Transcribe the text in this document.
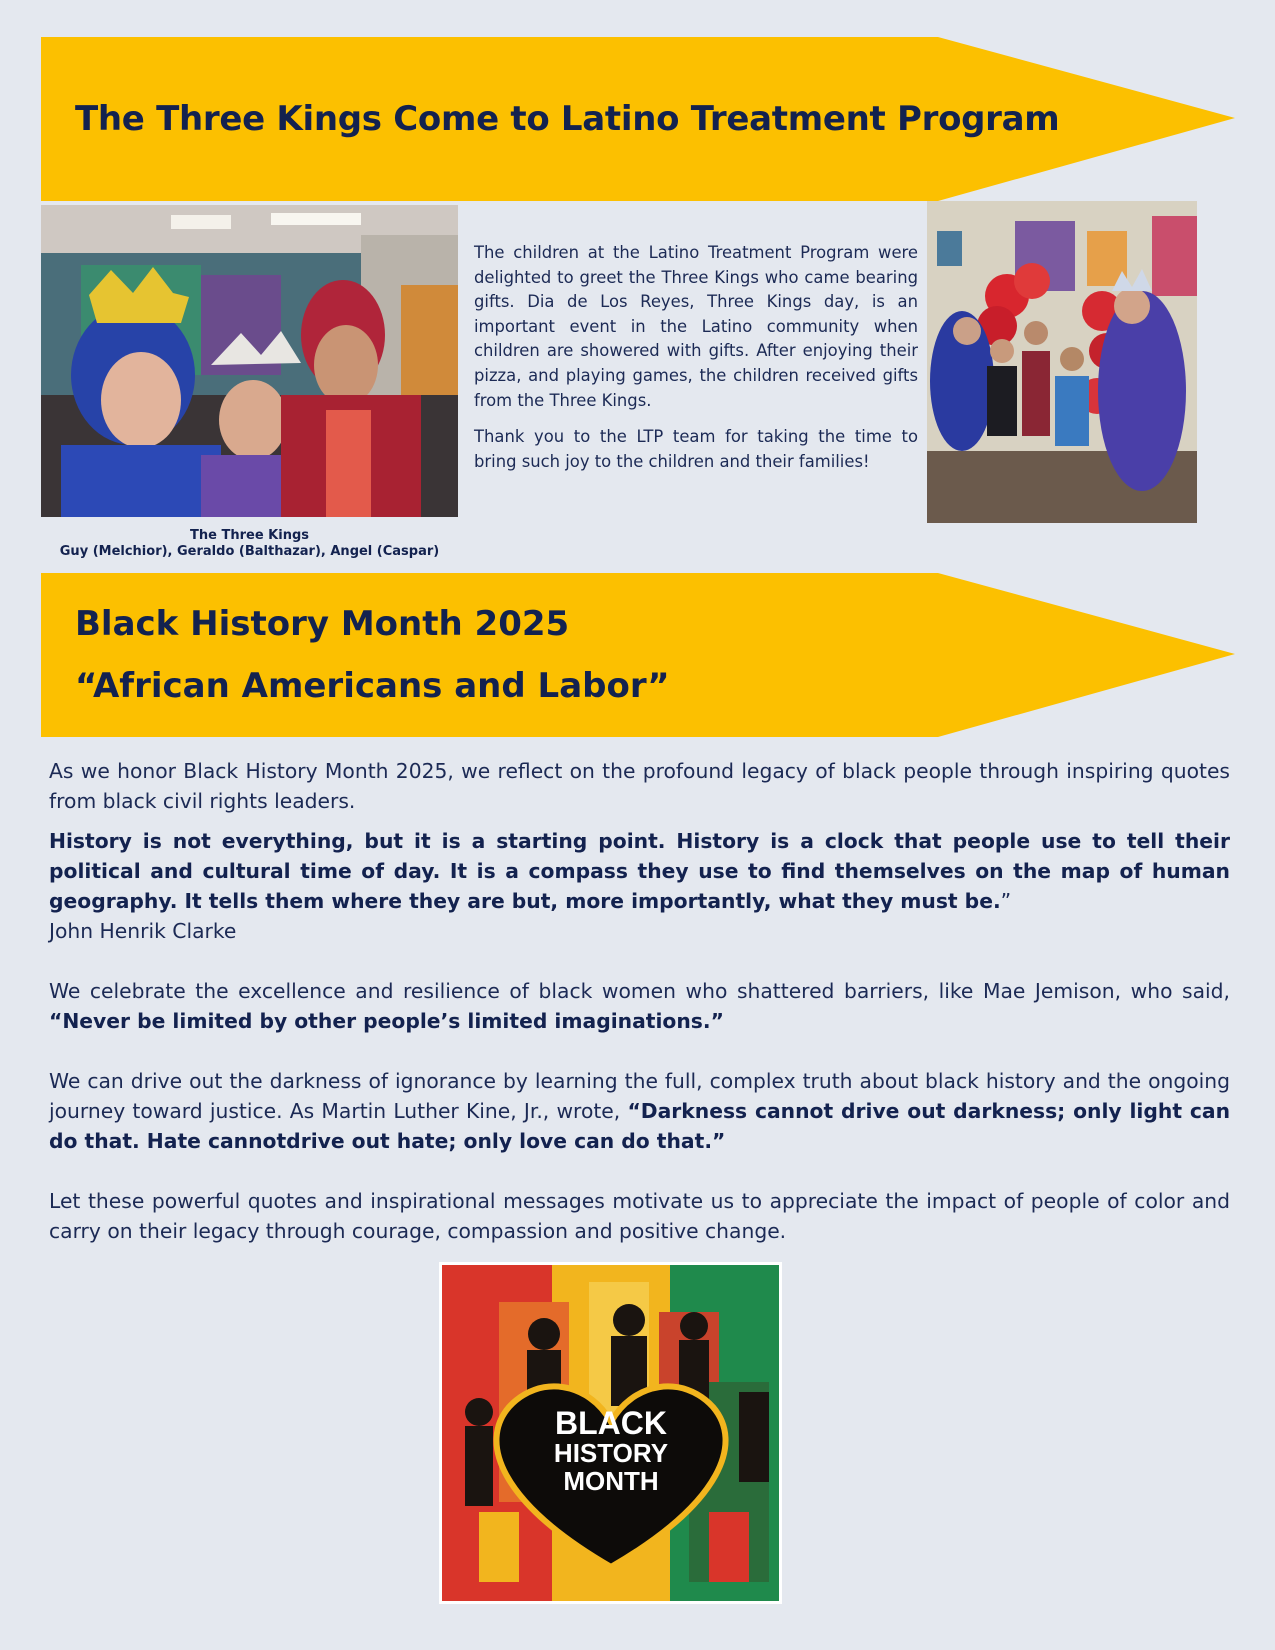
The Three Kings Come to Latino Treatment Program
The Three Kings
Guy (Melchior), Geraldo (Balthazar), Angel (Caspar)

The children at the Latino Treatment Program were delighted to greet the Three Kings who came bearing gifts. Dia de Los Reyes, Three Kings day, is an important event in the Latino community when children are showered with gifts. After enjoying their pizza, and playing games, the children received gifts from the Three Kings.

Thank you to the LTP team for taking the time to bring such joy to the children and their families!

Black History Month 2025
“African Americans and Labor”

As we honor Black History Month 2025, we reflect on the profound legacy of black people through inspiring quotes from black civil rights leaders.

History is not everything, but it is a starting point. History is a clock that people use to tell their political and cultural time of day. It is a compass they use to find themselves on the map of human geography. It tells them where they are but, more importantly, what they must be.”

John Henrik Clarke

We celebrate the excellence and resilience of black women who shattered barriers, like Mae Jemison, who said, “Never be limited by other people’s limited imaginations.”

We can drive out the darkness of ignorance by learning the full, complex truth about black history and the ongoing journey toward justice. As Martin Luther Kine, Jr., wrote, “Darkness cannot drive out darkness; only light can do that. Hate cannotdrive out hate; only love can do that.”

Let these powerful quotes and inspirational messages motivate us to appreciate the impact of people of color and carry on their legacy through courage, compassion and positive change.

BLACK
HISTORY
MONTH
